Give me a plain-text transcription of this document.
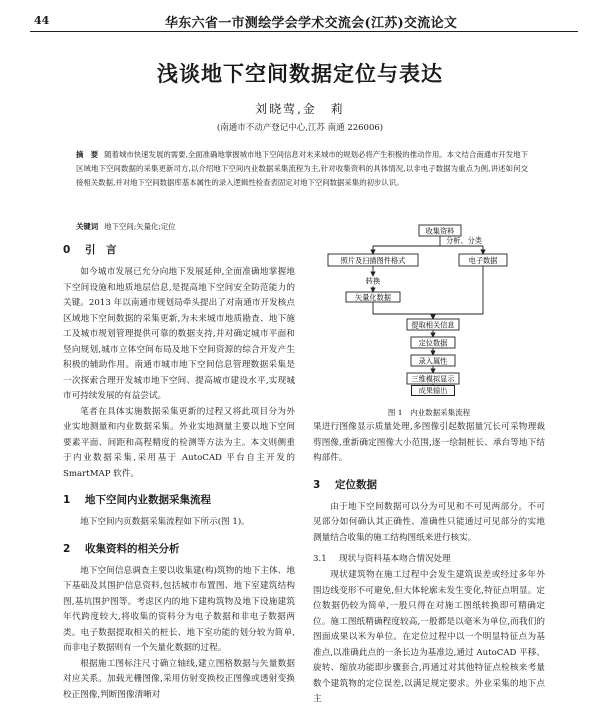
44	华东六省一市测绘学会学术交流会(江苏)交流论文
浅谈地下空间数据定位与表达
刘晓莺,金　莉
(南通市不动产登记中心,江苏 南通 226006)
摘　要 随着城市快速发展的需要,全面准确地掌握城市地下空间信息对未来城市的规划必将产生积极的推动作用。本文结合南通市开发地下区域地下空间数据的采集更新司方,以介绍地下空间内业数据采集流程为主,针对收集资料的具体情况,以非电子数据为重点为例,讲述如何交接相关数据,并对地下空间数据库基本属性的录入逻辑性检查表固定对地下空间数据采集的初步认识。
关键词 地下空间;矢量化;定位
0	引　言

如今城市发展已允分向地下发展延伸,全面准确地掌握地下空间设施和地质地层信息,是提高地下空间安全防范能力的关键。2013 年以南通市规划局牵头提出了对南通市开发核点区域地下空间数据的采集更新,为未来城市地质勘查、地下施工及城市规划管理提供可靠的数据支持,并对确定城市平面和竖向规划,城市立体空间布局及地下空间资源的综合开发产生积极的辅助作用。南通市城市地下空间信息管理数据采集是一次探索合理开发城市地下空间、提高城市建设水平,实现城市可持续发展的有益尝试。

笔者在具体实施数据采集更新的过程又将此项目分为外业实地测量和内业数据采集。外业实地测量主要以地下空间要素平面、间距和高程精度的检测等方法为主。本文则侧重于内业数据采集,采用基于 AutoCAD 平台自主开发的 SmartMAP 软件。

1	地下空间内业数据采集流程

地下空间内页数据采集流程如下所示(图 1)。

2	收集资料的相关分析

地下空间信息调查主要以收集建(构)筑物的地下主体、地下基础及其围护信息资料,包括城市布置图、地下室建筑结构图,基坑围护图等。考虑区内的地下建构筑物及地下设施建筑年代跨度较大,将收集的资料分为电子数据和非电子数据两类。电子数据提取相关的桩长、地下室功能的划分较为简单,而非电子数据则有一个矢量化数据的过程。

根据施工图标注尺寸确立轴线,建立图格数据与矢量数据对应关系。加载光栅图像,采用仿射变换校正图像或透射变换校正图像,判断图像清晰对

收集资料
分析、分类
照片及扫描图件格式	电子数据
转换
矢量化数据
提取相关信息
定位数据
录入属性
三维模拟显示
成果输出
图 1　内业数据采集流程

果进行图像显示质量处理,多图像引起数据量冗长可采物理裁剪图像,重新确定图像大小范围,逐一绘制桩长、承台等地下结构部件。

3	定位数据

由于地下空间数据可以分为可见和不可见两部分。不可见部分如何确认其正确性、准确性只能通过可见部分的实地测量结合收集的施工结构图纸来进行核实。

3.1	现状与资料基本吻合情况处理

现状建筑物在施工过程中会发生建筑误差或经过多年外围边线变形不可避免,但大体轮廓未发生变化,特征点明显。定位数据仍较为简单,一般只得在对施工图纸转换即可精确定位。施工图纸精确程度较高,一般都是以毫米为单位,而我们的图面成果以米为单位。在定位过程中以一个明显特征点为基准点,以准确此点的一条长边为基准边,通过 AutoCAD 平移、旋转、缩放功能即步骤套合,再通过对其他特征点检核来考量数个建筑物的定位误差,以满足规定要求。外业采集的地下点主
